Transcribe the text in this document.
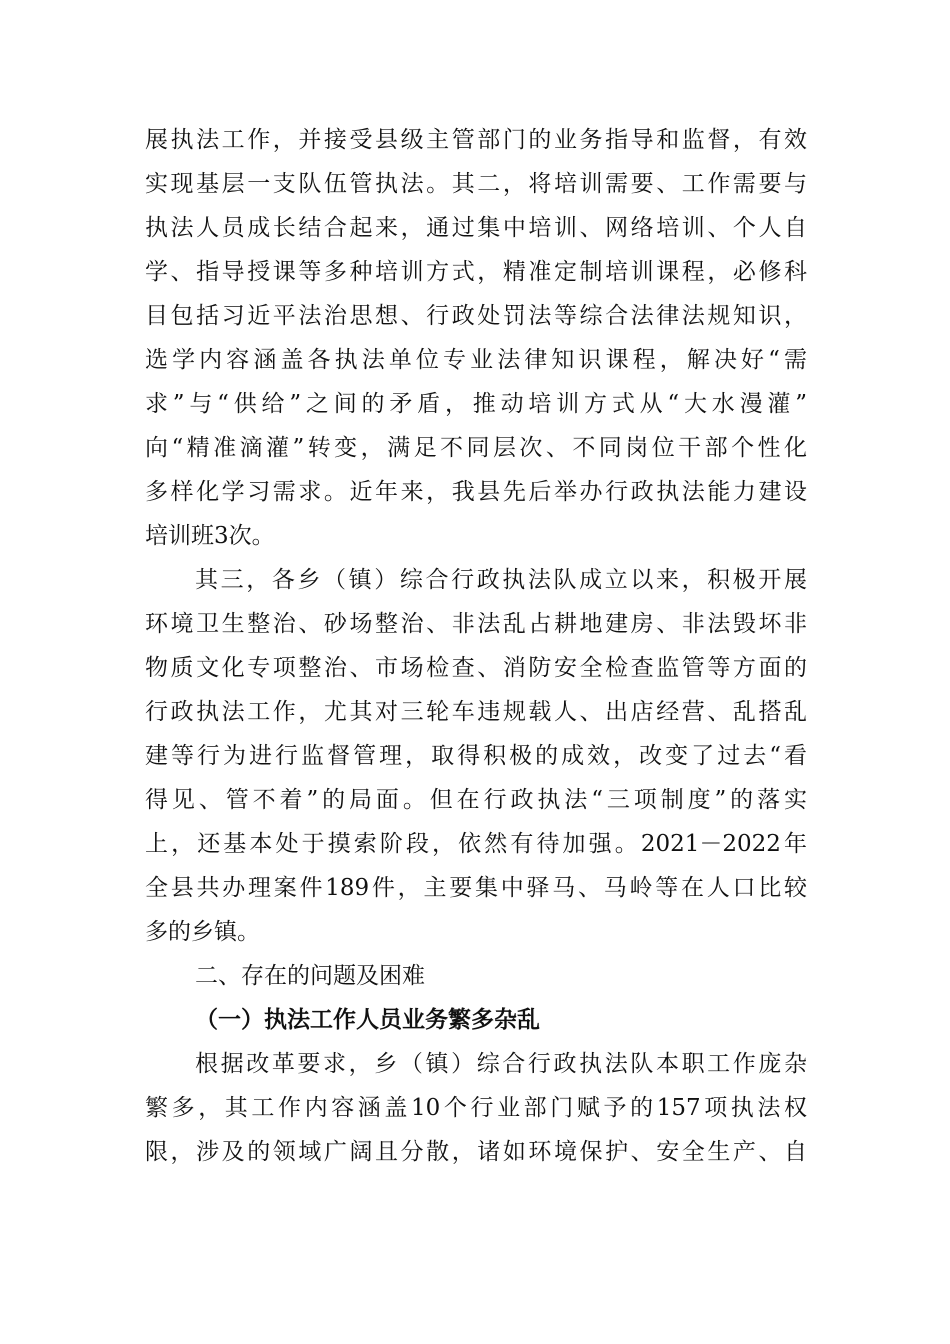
展执法工作，并接受县级主管部门的业务指导和监督，有效
实现基层一支队伍管执法。其二，将培训需要、工作需要与
执法人员成长结合起来，通过集中培训、网络培训、个人自
学、指导授课等多种培训方式，精准定制培训课程，必修科
目包括习近平法治思想、行政处罚法等综合法律法规知识，
选学内容涵盖各执法单位专业法律知识课程，解决好“需
求”与“供给”之间的矛盾，推动培训方式从“大水漫灌”
向“精准滴灌”转变，满足不同层次、不同岗位干部个性化
多样化学习需求。近年来，我县先后举办行政执法能力建设
培训班3次。
其三，各乡（镇）综合行政执法队成立以来，积极开展
环境卫生整治、砂场整治、非法乱占耕地建房、非法毁坏非
物质文化专项整治、市场检查、消防安全检查监管等方面的
行政执法工作，尤其对三轮车违规载人、出店经营、乱搭乱
建等行为进行监督管理，取得积极的成效，改变了过去“看
得见、管不着”的局面。但在行政执法“三项制度”的落实
上，还基本处于摸索阶段，依然有待加强。2021－2022年
全县共办理案件189件，主要集中驿马、马岭等在人口比较
多的乡镇。
二、存在的问题及困难
（一）执法工作人员业务繁多杂乱
根据改革要求，乡（镇）综合行政执法队本职工作庞杂
繁多，其工作内容涵盖10个行业部门赋予的157项执法权
限，涉及的领域广阔且分散，诸如环境保护、安全生产、自
